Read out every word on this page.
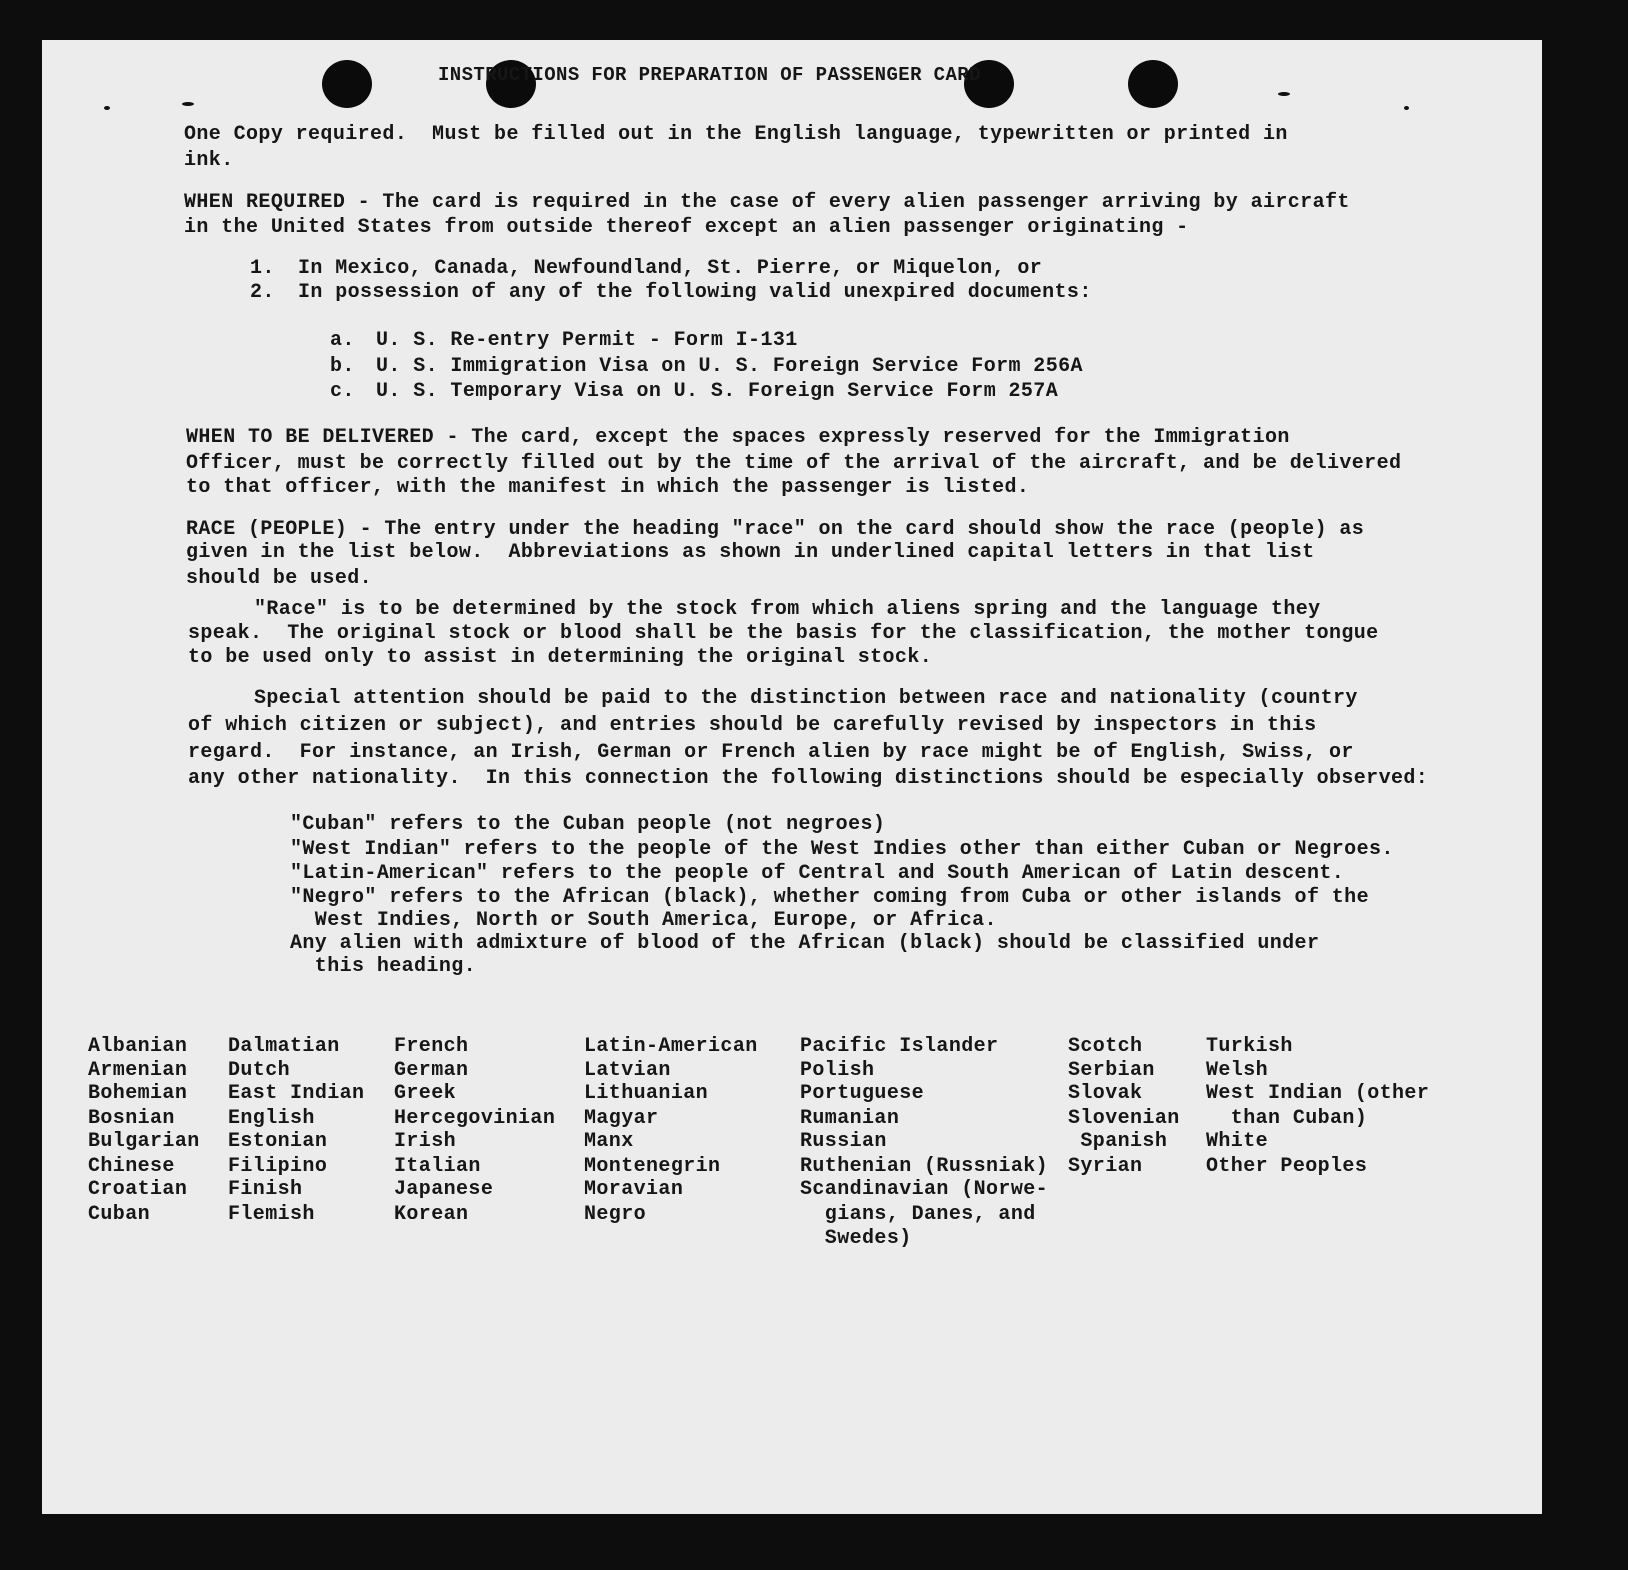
INSTRUCTIONS FOR PREPARATION OF PASSENGER CARD
One Copy required.  Must be filled out in the English language, typewritten or printed in
ink.
WHEN REQUIRED - The card is required in the case of every alien passenger arriving by aircraft
in the United States from outside thereof except an alien passenger originating -
1. In Mexico, Canada, Newfoundland, St. Pierre, or Miquelon, or
2. In possession of any of the following valid unexpired documents:
a. U. S. Re-entry Permit - Form I-131
b. U. S. Immigration Visa on U. S. Foreign Service Form 256A
c. U. S. Temporary Visa on U. S. Foreign Service Form 257A
WHEN TO BE DELIVERED - The card, except the spaces expressly reserved for the Immigration
Officer, must be correctly filled out by the time of the arrival of the aircraft, and be delivered
to that officer, with the manifest in which the passenger is listed.
RACE (PEOPLE) - The entry under the heading "race" on the card should show the race (people) as
given in the list below.  Abbreviations as shown in underlined capital letters in that list
should be used.
"Race" is to be determined by the stock from which aliens spring and the language they
speak.  The original stock or blood shall be the basis for the classification, the mother tongue
to be used only to assist in determining the original stock.
Special attention should be paid to the distinction between race and nationality (country
of which citizen or subject), and entries should be carefully revised by inspectors in this
regard.  For instance, an Irish, German or French alien by race might be of English, Swiss, or
any other nationality.  In this connection the following distinctions should be especially observed:
"Cuban" refers to the Cuban people (not negroes)
"West Indian" refers to the people of the West Indies other than either Cuban or Negroes.
"Latin-American" refers to the people of Central and South American of Latin descent.
"Negro" refers to the African (black), whether coming from Cuba or other islands of the
West Indies, North or South America, Europe, or Africa.
Any alien with admixture of blood of the African (black) should be classified under
this heading.
Albanian
Armenian
Bohemian
Bosnian
Bulgarian
Chinese
Croatian
Cuban
Dalmatian
Dutch
East Indian
English
Estonian
Filipino
Finish
Flemish
French
German
Greek
Hercegovinian
Irish
Italian
Japanese
Korean
Latin-American
Latvian
Lithuanian
Magyar
Manx
Montenegrin
Moravian
Negro
Pacific Islander
Polish
Portuguese
Rumanian
Russian
Ruthenian (Russniak)
Scandinavian (Norwe-
gians, Danes, and
Swedes)
Scotch
Serbian
Slovak
Slovenian
Spanish
Syrian
Turkish
Welsh
West Indian (other
than Cuban)
White
Other Peoples
